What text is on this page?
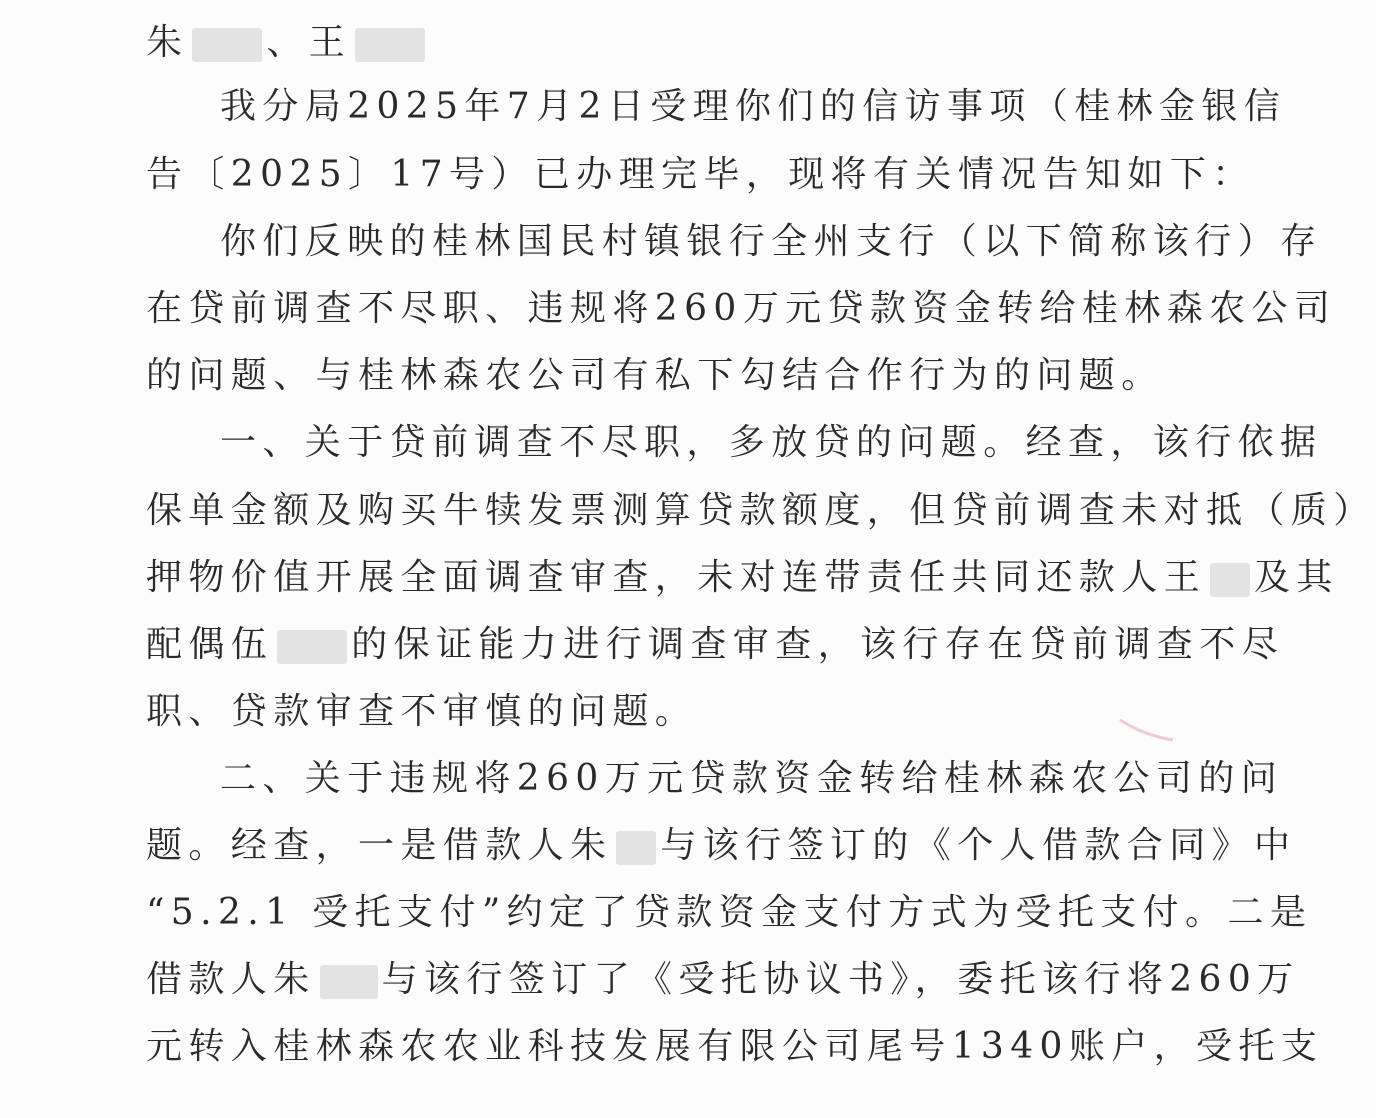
朱 、王
我分局2025年7月2日受理你们的信访事项（桂林金银信
告〔2025〕17号）已办理完毕，现将有关情况告知如下：
你们反映的桂林国民村镇银行全州支行（以下简称该行）存
在贷前调查不尽职、违规将260万元贷款资金转给桂林森农公司
的问题、与桂林森农公司有私下勾结合作行为的问题。
一、关于贷前调查不尽职，多放贷的问题。经查，该行依据
保单金额及购买牛犊发票测算贷款额度，但贷前调查未对抵（质）
押物价值开展全面调查审查，未对连带责任共同还款人王 及其
配偶伍 的保证能力进行调查审查，该行存在贷前调查不尽
职、贷款审查不审慎的问题。
二、关于违规将260万元贷款资金转给桂林森农公司的问
题。经查，一是借款人朱 与该行签订的《个人借款合同》中
“5.2.1 受托支付”约定了贷款资金支付方式为受托支付。二是
借款人朱 与该行签订了《受托协议书》，委托该行将260万
元转入桂林森农农业科技发展有限公司尾号1340账户，受托支
